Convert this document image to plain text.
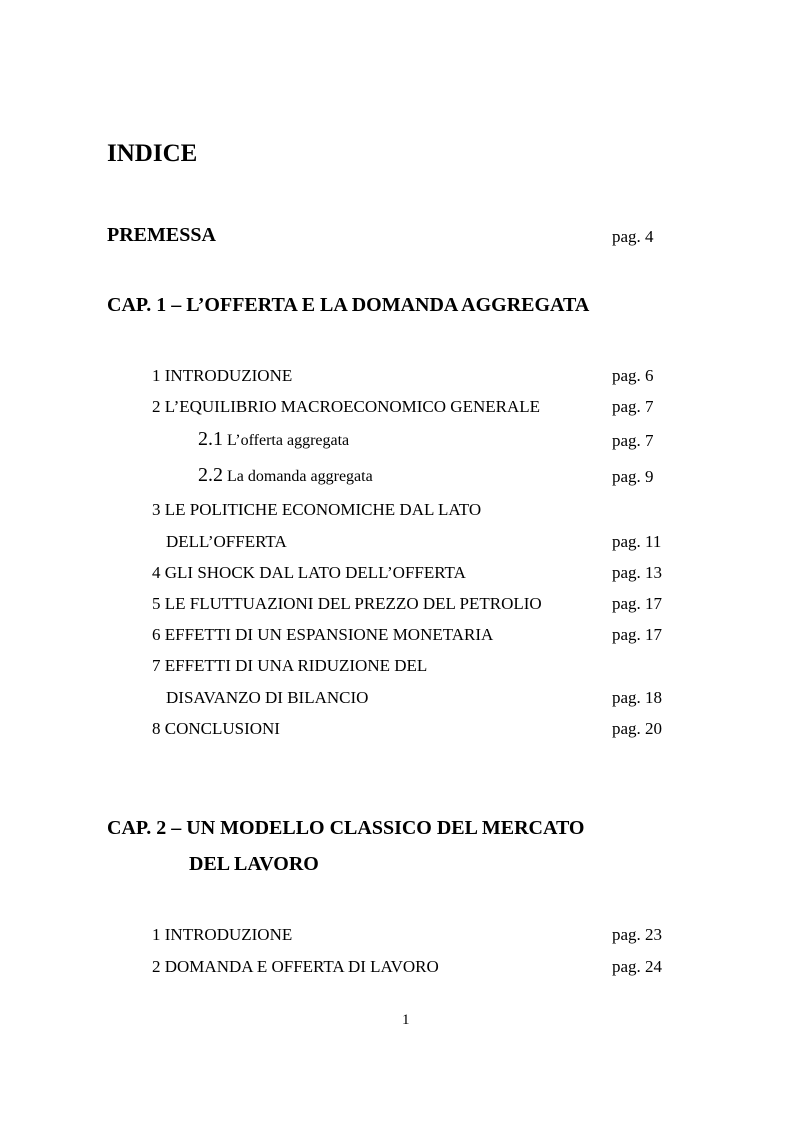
INDICE
PREMESSA	pag. 4
CAP. 1 – L’OFFERTA E LA DOMANDA AGGREGATA
1 INTRODUZIONE	pag. 6
2 L’EQUILIBRIO MACROECONOMICO GENERALE	pag. 7
2.1 L’offerta aggregata	pag. 7
2.2 La domanda aggregata	pag. 9
3 LE POLITICHE ECONOMICHE DAL LATO
DELL’OFFERTA	pag. 11
4 GLI SHOCK DAL LATO DELL’OFFERTA	pag. 13
5 LE FLUTTUAZIONI DEL PREZZO DEL PETROLIO	pag. 17
6 EFFETTI DI UN ESPANSIONE MONETARIA	pag. 17
7 EFFETTI DI UNA RIDUZIONE DEL
DISAVANZO DI BILANCIO	pag. 18
8 CONCLUSIONI	pag. 20
CAP. 2 – UN MODELLO CLASSICO DEL MERCATO
DEL LAVORO
1 INTRODUZIONE	pag. 23
2 DOMANDA E OFFERTA DI LAVORO	pag. 24
1
